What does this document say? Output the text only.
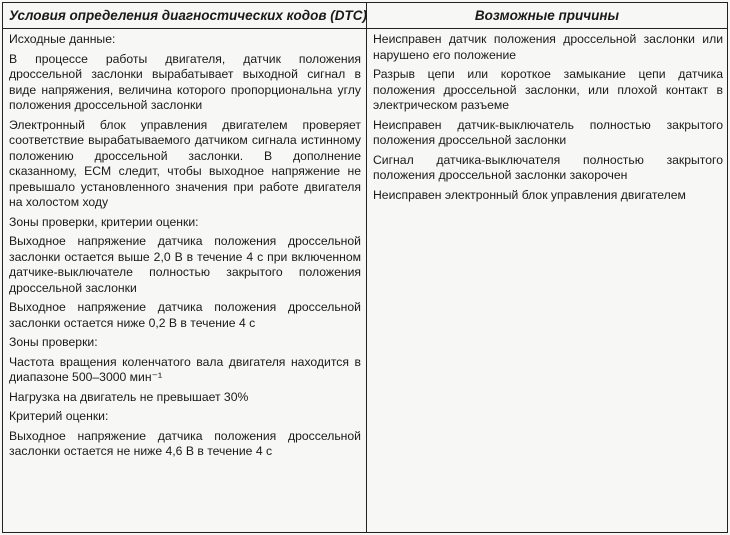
Условия определения диагностических кодов (DTC)	Возможные причины
Исходные данные:
В процессе работы двигателя, датчик положения дроссельной заслонки вырабатывает выходной сигнал в виде напряжения, величина которого пропорциональна углу положения дроссельной заслонки
Электронный блок управления двигателем проверяет соответствие вырабатываемого датчиком сигнала истинному положению дроссельной заслонки. В дополнение сказанному, ECM следит, чтобы выходное напряжение не превышало установленного значения при работе двигателя на холостом ходу
Зоны проверки, критерии оценки:
Выходное напряжение датчика положения дроссельной заслонки остается выше 2,0 В в течение 4 с при включенном датчике-выключателе полностью закрытого положения дроссельной заслонки
Выходное напряжение датчика положения дроссельной заслонки остается ниже 0,2 В в течение 4 с
Зоны проверки:
Частота вращения коленчатого вала двигателя находится в диапазоне 500–3000 мин⁻¹
Нагрузка на двигатель не превышает 30%
Критерий оценки:
Выходное напряжение датчика положения дроссельной заслонки остается не ниже 4,6 В в течение 4 с
Неисправен датчик положения дроссельной заслонки или нарушено его положение
Разрыв цепи или короткое замыкание цепи датчика положения дроссельной заслонки, или плохой контакт в электрическом разъеме
Неисправен датчик-выключатель полностью закрытого положения дроссельной заслонки
Сигнал датчика-выключателя полностью закрытого положения дроссельной заслонки закорочен
Неисправен электронный блок управления двигателем
